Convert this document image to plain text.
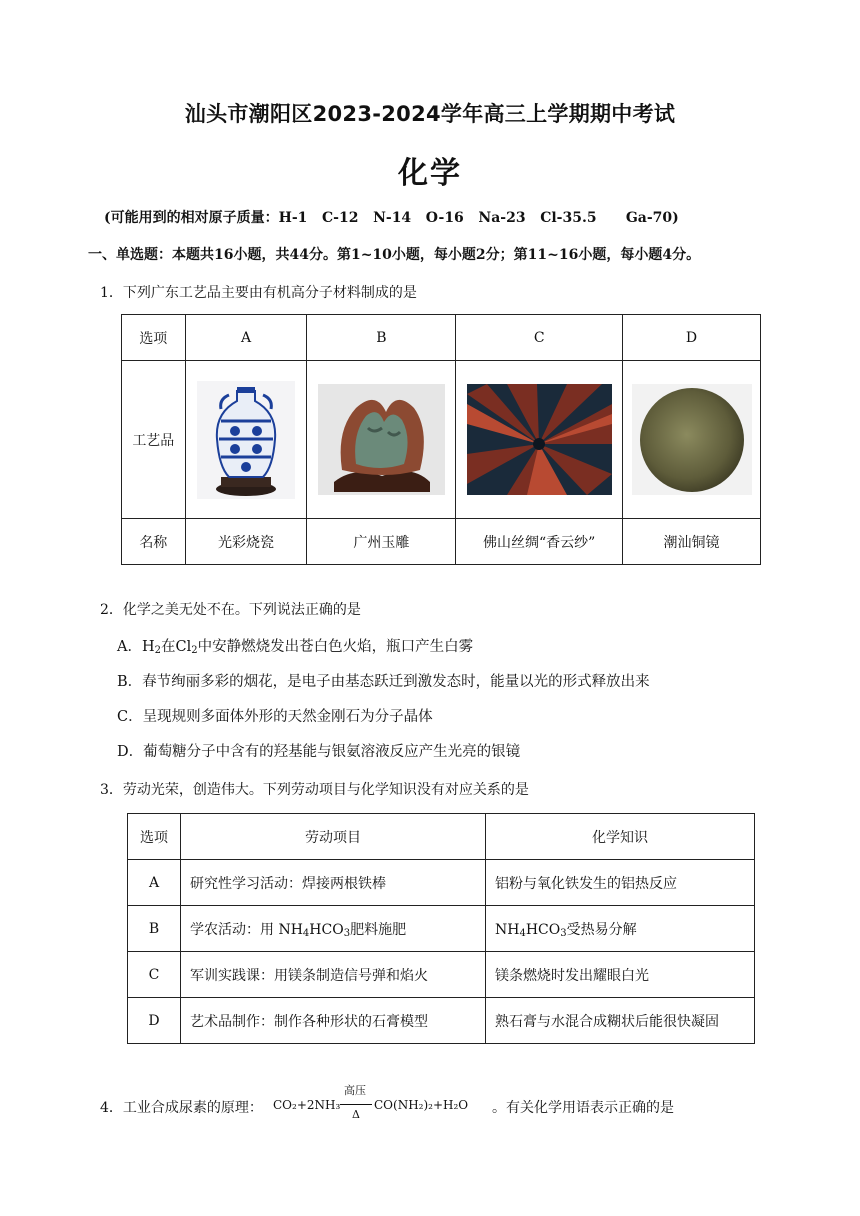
汕头市潮阳区2023-2024学年高三上学期期中考试
化学
(可能用到的相对原子质量：H-1   C-12   N-14   O-16   Na-23   Cl-35.5      Ga-70)
一、单选题：本题共16小题，共44分。第1~10小题，每小题2分；第11~16小题，每小题4分。
1．下列广东工艺品主要由有机高分子材料制成的是
选项	A	B	C	D
工艺品				
名称	光彩烧瓷	广州玉雕	佛山丝绸“香云纱”	潮汕铜镜
2．化学之美无处不在。下列说法正确的是
A．$H_2$在$Cl_2$中安静燃烧发出苍白色火焰，瓶口产生白雾
B．春节绚丽多彩的烟花，是电子由基态跃迁到激发态时，能量以光的形式释放出来
C．呈现规则多面体外形的天然金刚石为分子晶体
D．葡萄糖分子中含有的羟基能与银氨溶液反应产生光亮的银镜
3．劳动光荣，创造伟大。下列劳动项目与化学知识没有对应关系的是
选项	劳动项目	化学知识
A	研究性学习活动：焊接两根铁棒	铝粉与氧化铁发生的铝热反应
B	学农活动：用 $NH_4HCO_3$肥料施肥	$NH_4HCO_3$受热易分解
C	军训实践课：用镁条制造信号弹和焰火	镁条燃烧时发出耀眼白光
D	艺术品制作：制作各种形状的石膏模型	熟石膏与水混合成糊状后能很快凝固
4．工业合成尿素的原理： CO₂+2NH₃
高压
Δ
CO(NH₂)₂+H₂O 。有关化学用语表示正确的是
